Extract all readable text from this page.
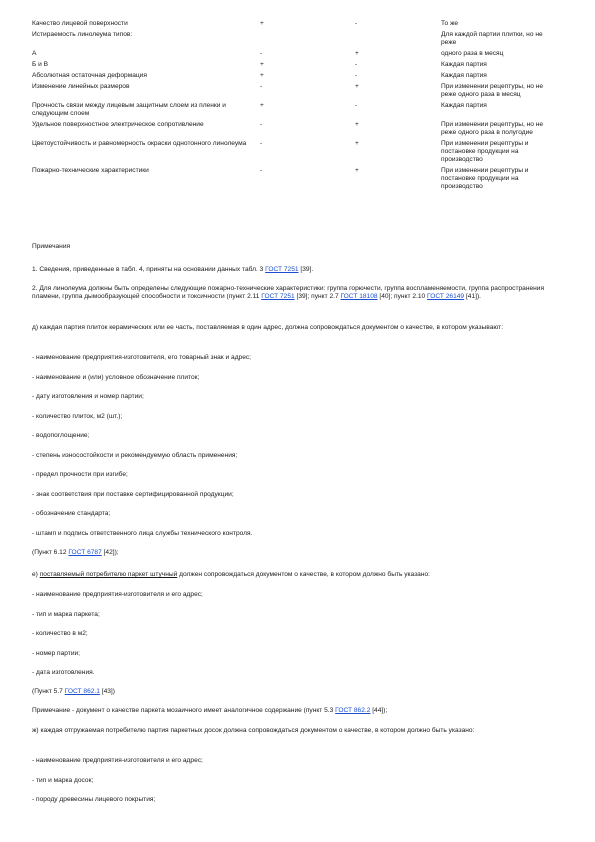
Качество лицевой поверхности	+	-	То же
Истираемость линолеума типов:			Для каждой партии плитки, но не реже
А	-	+	одного раза в месяц
Б и В	+	-	Каждая партия
Абсолютная остаточная деформация	+	-	Каждая партия
Изменение линейных размеров	-	+	При изменении рецептуры, но не реже одного раза в месяц
Прочность связи между лицевым защитным слоем из пленки и следующим слоем	+	-	Каждая партия
Удельное поверхностное электрическое сопротивление	-	+	При изменении рецептуры, но не реже одного раза в полугодие
Цветоустойчивость и равномерность окраски однотонного линолеума	-	+	При изменении рецептуры и постановке продукции на производство
Пожарно-технические характеристики	-	+	При изменении рецептуры и постановке продукции на производство

Примечания

1. Сведения, приведенные в табл. 4, приняты на основании данных табл. 3 ГОСТ 7251 [39].

2. Для линолеума должны быть определены следующие пожарно-технические характеристики: группа горючести, группа воспламеняемости, группа распространения пламени, группа дымообразующей способности и токсичности (пункт 2.11 ГОСТ 7251 [39]; пункт 2.7 ГОСТ 18108 [40]; пункт 2.10 ГОСТ 26149 [41]).

д) каждая партия плиток керамических или ее часть, поставляемая в один адрес, должна сопровождаться документом о качестве, в котором указывают:

- наименование предприятия-изготовителя, его товарный знак и адрес;

- наименование и (или) условное обозначение плиток;

- дату изготовления и номер партии;

- количество плиток, м2 (шт.);

- водопоглощение;

- степень износостойкости и рекомендуемую область применения;

- предел прочности при изгибе;

- знак соответствия при поставке сертифицированной продукции;

- обозначение стандарта;

- штамп и подпись ответственного лица службы технического контроля.

(Пункт 6.12 ГОСТ 6787 [42]);

е) поставляемый потребителю паркет штучный должен сопровождаться документом о качестве, в котором должно быть указано:

- наименование предприятия-изготовителя и его адрес;

- тип и марка паркета;

- количество в м2;

- номер партии;

- дата изготовления.

(Пункт 5.7 ГОСТ 862.1 [43])

Примечание - документ о качестве паркета мозаичного имеет аналогичное содержание (пункт 5.3 ГОСТ 862.2 [44]);

ж) каждая отгружаемая потребителю партия паркетных досок должна сопровождаться документом о качестве, в котором должно быть указано:

- наименование предприятия-изготовителя и его адрес;

- тип и марка досок;

- породу древесины лицевого покрытия;
